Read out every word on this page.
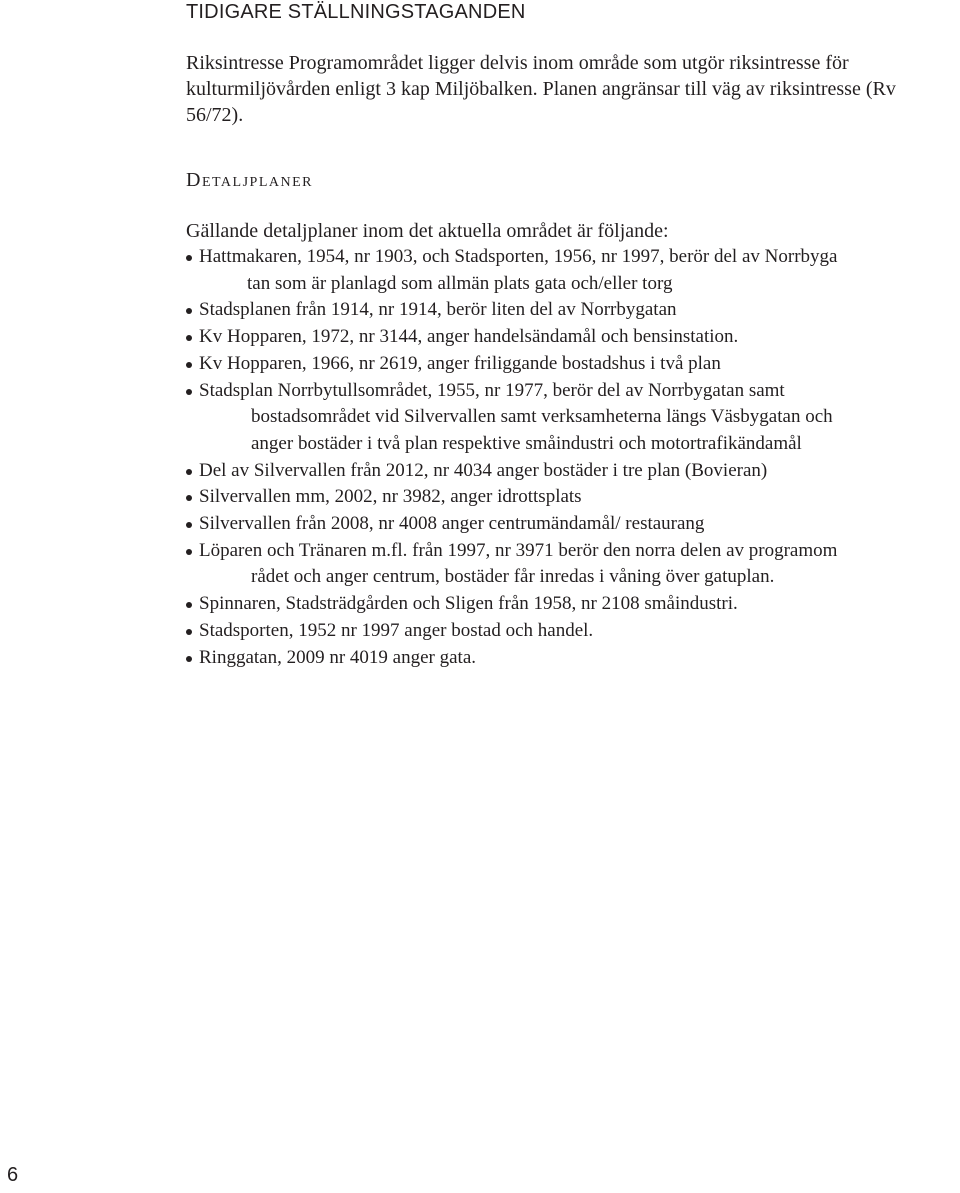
TIDIGARE STÄLLNINGSTAGANDEN
Riksintresse Programområdet ligger delvis inom område som utgör riksintresse för
kulturmiljövården enligt 3 kap Miljöbalken. Planen angränsar till väg av riksintresse (Rv
56/72).
Detaljplaner
Gällande detaljplaner inom det aktuella området är följande:
Hattmakaren, 1954, nr 1903, och Stadsporten, 1956, nr 1997, berör del av Norrbyga
tan som är planlagd som allmän plats gata och/eller torg
Stadsplanen från 1914, nr 1914, berör liten del av Norrbygatan
Kv Hopparen, 1972, nr 3144, anger handelsändamål och bensinstation.
Kv Hopparen, 1966, nr 2619, anger friliggande bostadshus i två plan
Stadsplan Norrbytullsområdet, 1955, nr 1977, berör del av Norrbygatan samt
bostadsområdet vid Silvervallen samt verksamheterna längs Väsbygatan och
anger bostäder i två plan respektive småindustri och motortrafikändamål
Del av Silvervallen från 2012, nr 4034 anger bostäder i tre plan (Bovieran)
Silvervallen mm, 2002, nr 3982, anger idrottsplats
Silvervallen från 2008, nr 4008 anger centrumändamål/ restaurang
Löparen och Tränaren m.fl. från 1997, nr 3971 berör den norra delen av programom
rådet och anger centrum, bostäder får inredas i våning över gatuplan.
Spinnaren, Stadsträdgården och Sligen från 1958, nr 2108 småindustri.
Stadsporten, 1952 nr 1997 anger bostad och handel.
Ringgatan, 2009 nr 4019 anger gata.
6
